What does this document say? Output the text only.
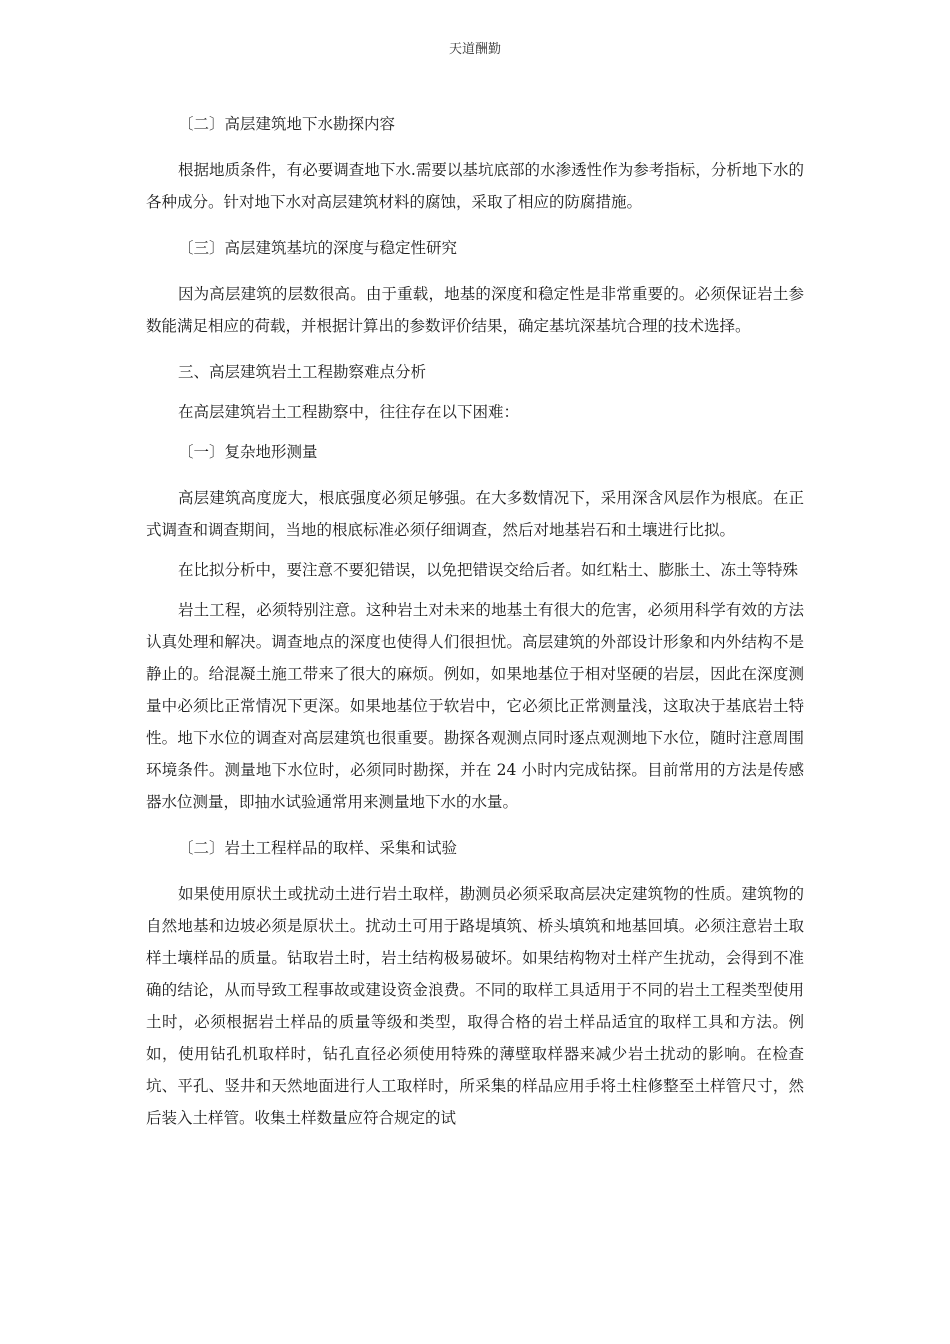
天道酬勤

〔二〕高层建筑地下水勘探内容

根据地质条件，有必要调查地下水.需要以基坑底部的水渗透性作为参考指标，分析地下水的各种成分。针对地下水对高层建筑材料的腐蚀，采取了相应的防腐措施。

〔三〕高层建筑基坑的深度与稳定性研究

因为高层建筑的层数很高。由于重载，地基的深度和稳定性是非常重要的。必须保证岩土参数能满足相应的荷载，并根据计算出的参数评价结果，确定基坑深基坑合理的技术选择。

三、高层建筑岩土工程勘察难点分析

在高层建筑岩土工程勘察中，往往存在以下困难：

〔一〕复杂地形测量

高层建筑高度庞大，根底强度必须足够强。在大多数情况下，采用深含风层作为根底。在正式调查和调查期间，当地的根底标准必须仔细调查，然后对地基岩石和土壤进行比拟。

在比拟分析中，要注意不要犯错误，以免把错误交给后者。如红粘土、膨胀土、冻土等特殊

岩土工程，必须特别注意。这种岩土对未来的地基土有很大的危害，必须用科学有效的方法认真处理和解决。调查地点的深度也使得人们很担忧。高层建筑的外部设计形象和内外结构不是静止的。给混凝土施工带来了很大的麻烦。例如，如果地基位于相对坚硬的岩层，因此在深度测量中必须比正常情况下更深。如果地基位于软岩中，它必须比正常测量浅，这取决于基底岩土特性。地下水位的调查对高层建筑也很重要。勘探各观测点同时逐点观测地下水位，随时注意周围环境条件。测量地下水位时，必须同时勘探，并在 24 小时内完成钻探。目前常用的方法是传感器水位测量，即抽水试验通常用来测量地下水的水量。

〔二〕岩土工程样品的取样、采集和试验

如果使用原状土或扰动土进行岩土取样，勘测员必须采取高层决定建筑物的性质。建筑物的自然地基和边坡必须是原状土。扰动土可用于路堤填筑、桥头填筑和地基回填。必须注意岩土取样土壤样品的质量。钻取岩土时，岩土结构极易破坏。如果结构物对土样产生扰动，会得到不准确的结论，从而导致工程事故或建设资金浪费。不同的取样工具适用于不同的岩土工程类型使用土时，必须根据岩土样品的质量等级和类型，取得合格的岩土样品适宜的取样工具和方法。例如，使用钻孔机取样时，钻孔直径必须使用特殊的薄壁取样器来减少岩土扰动的影响。在检查坑、平孔、竖井和天然地面进行人工取样时，所采集的样品应用手将土柱修整至土样管尺寸，然后装入土样管。收集土样数量应符合规定的试
